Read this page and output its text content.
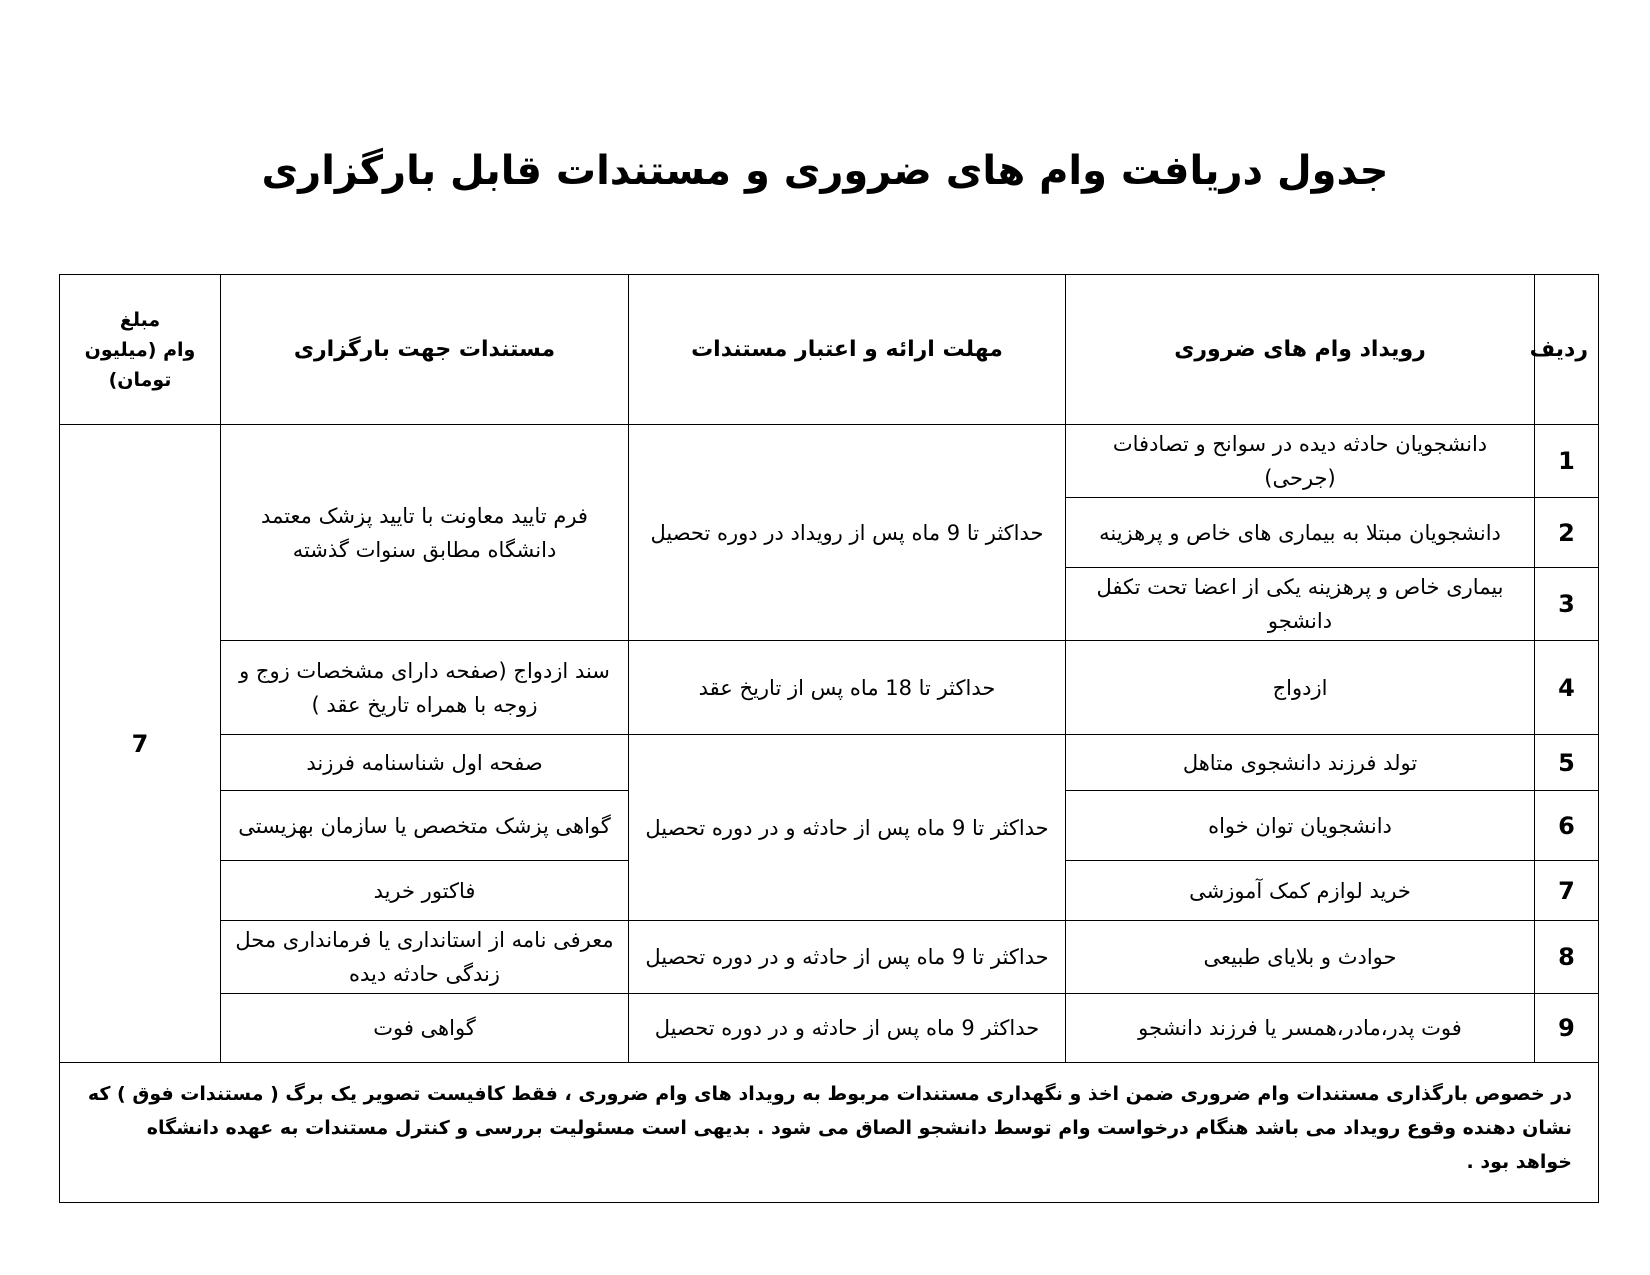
جدول دریافت وام های ضروری و مستندات قابل بارگزاری
ردیف	رویداد وام های ضروری	مهلت ارائه و اعتبار مستندات	مستندات جهت بارگزاری	مبلغ
وام (میلیون
تومان)

1	دانشجویان حادثه دیده در سوانح و تصادفات (جرحی)	حداکثر تا 9 ماه پس از رویداد در دوره تحصیل	فرم تایید معاونت با تایید پزشک معتمد دانشگاه مطابق سنوات گذشته	7
2	دانشجویان مبتلا به بیماری های خاص و پرهزینه			
3	بیماری خاص و پرهزینه یکی از اعضا تحت تکفل دانشجو			
4	ازدواج	حداکثر تا 18 ماه پس از تاریخ عقد	سند ازدواج (صفحه دارای مشخصات زوج و زوجه با همراه تاریخ عقد )	
5	تولد فرزند دانشجوی متاهل	حداکثر تا 9 ماه پس از حادثه و در دوره تحصیل	صفحه اول شناسنامه فرزند	
6	دانشجویان توان خواه		گواهی پزشک متخصص یا سازمان بهزیستی	
7	خرید لوازم کمک آموزشی		فاکتور خرید	
8	حوادث و بلایای طبیعی	حداکثر تا 9 ماه پس از حادثه و در دوره تحصیل	معرفی نامه از استانداری یا فرمانداری محل زندگی حادثه دیده	
9	فوت پدر،مادر،همسر یا فرزند دانشجو	حداکثر 9 ماه پس از حادثه و در دوره تحصیل	گواهی فوت	
در خصوص بارگذاری مستندات وام ضروری ضمن اخذ و نگهداری مستندات مربوط به رویداد های وام ضروری ، فقط کافیست تصویر یک برگ ( مستندات فوق ) که نشان دهنده وقوع رویداد می باشد هنگام درخواست وام توسط دانشجو الصاق می شود . بدیهی است مسئولیت بررسی و کنترل مستندات به عهده دانشگاه خواهد بود .				
